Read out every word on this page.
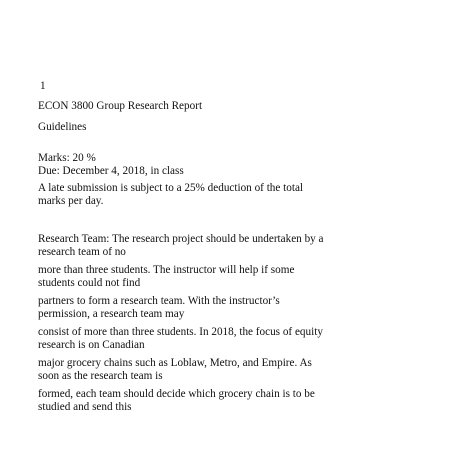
1

ECON 3800 Group Research Report

Guidelines

Marks: 20 %

Due: December 4, 2018, in class

A late submission is subject to a 25% deduction of the total

marks per day.

Research Team: The research project should be undertaken by a

research team of no

more than three students. The instructor will help if some

students could not find

partners to form a research team. With the instructor’s

permission, a research team may

consist of more than three students. In 2018, the focus of equity

research is on Canadian

major grocery chains such as Loblaw, Metro, and Empire. As

soon as the research team is

formed, each team should decide which grocery chain is to be

studied and send this
